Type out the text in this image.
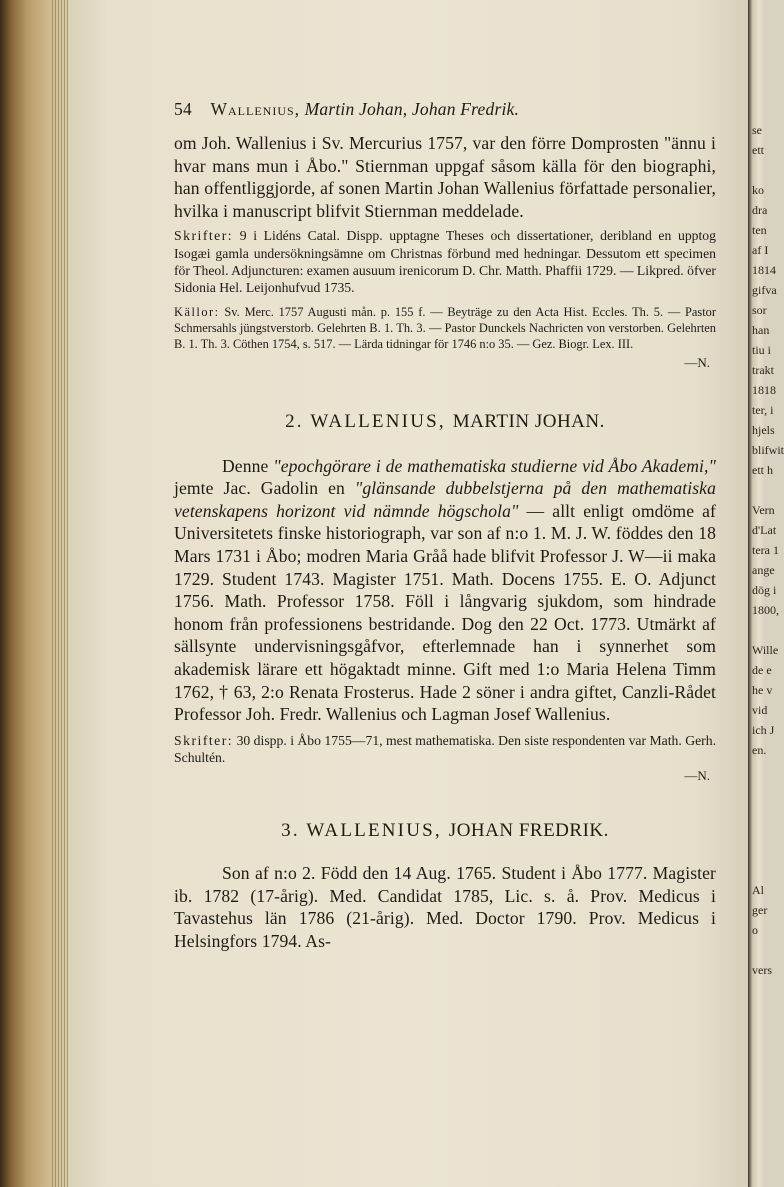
se
ett
ko
dra
ten
af I
1814
gifva
sor
han
tiu i
trakt
1818
ter, i
hjels
blifwit
ett h
Vern
d'Lat
tera 1
ange
dög i
1800,
Wille
de e
he v
vid
ich J
en.
Al
ger
o
vers
54 Wallenius, Martin Johan, Johan Fredrik.

om Joh. Wallenius i Sv. Mercurius 1757, var den förre Domprosten "ännu i hvar mans mun i Åbo." Stiernman uppgaf såsom källa för den biographi, han offentliggjorde, af sonen Martin Johan Wallenius författade personalier, hvilka i manuscript blifvit Stiernman meddelade.

Skrifter: 9 i Lidéns Catal. Dispp. upptagne Theses och dissertationer, deribland en upptog Isogæi gamla undersökningsämne om Christnas förbund med hedningar. Dessutom ett specimen för Theol. Adjuncturen: examen ausuum irenicorum D. Chr. Matth. Phaffii 1729. — Likpred. öfver Sidonia Hel. Leijonhufvud 1735.

Källor: Sv. Merc. 1757 Augusti mån. p. 155 f. — Beyträge zu den Acta Hist. Eccles. Th. 5. — Pastor Schmersahls jüngstverstorb. Gelehrten B. 1. Th. 3. — Pastor Dunckels Nachricten von verstorben. Gelehrten B. 1. Th. 3. Cöthen 1754, s. 517. — Lärda tidningar för 1746 n:o 35. — Gez. Biogr. Lex. III.

—N.
2. WALLENIUS, MARTIN JOHAN.

Denne "epochgörare i de mathematiska studierne vid Åbo Akademi," jemte Jac. Gadolin en "glänsande dubbelstjerna på den mathematiska vetenskapens horizont vid nämnde högschola" — allt enligt omdöme af Universitetets finske historiograph, var son af n:o 1. M. J. W. föddes den 18 Mars 1731 i Åbo; modren Maria Gråå hade blifvit Professor J. W—ii maka 1729. Student 1743. Magister 1751. Math. Docens 1755. E. O. Adjunct 1756. Math. Professor 1758. Föll i långvarig sjukdom, som hindrade honom från professionens bestridande. Dog den 22 Oct. 1773. Utmärkt af sällsynte undervisningsgåfvor, efterlemnade han i synnerhet som akademisk lärare ett högaktadt minne. Gift med 1:o Maria Helena Timm 1762, † 63, 2:o Renata Frosterus. Hade 2 söner i andra giftet, Canzli-Rådet Professor Joh. Fredr. Wallenius och Lagman Josef Wallenius.

Skrifter: 30 dispp. i Åbo 1755—71, mest mathematiska. Den siste respondenten var Math. Gerh. Schultén.

—N.
3. WALLENIUS, JOHAN FREDRIK.

Son af n:o 2. Född den 14 Aug. 1765. Student i Åbo 1777. Magister ib. 1782 (17-årig). Med. Candidat 1785, Lic. s. å. Prov. Medicus i Tavastehus län 1786 (21-årig). Med. Doctor 1790. Prov. Medicus i Helsingfors 1794. As-
